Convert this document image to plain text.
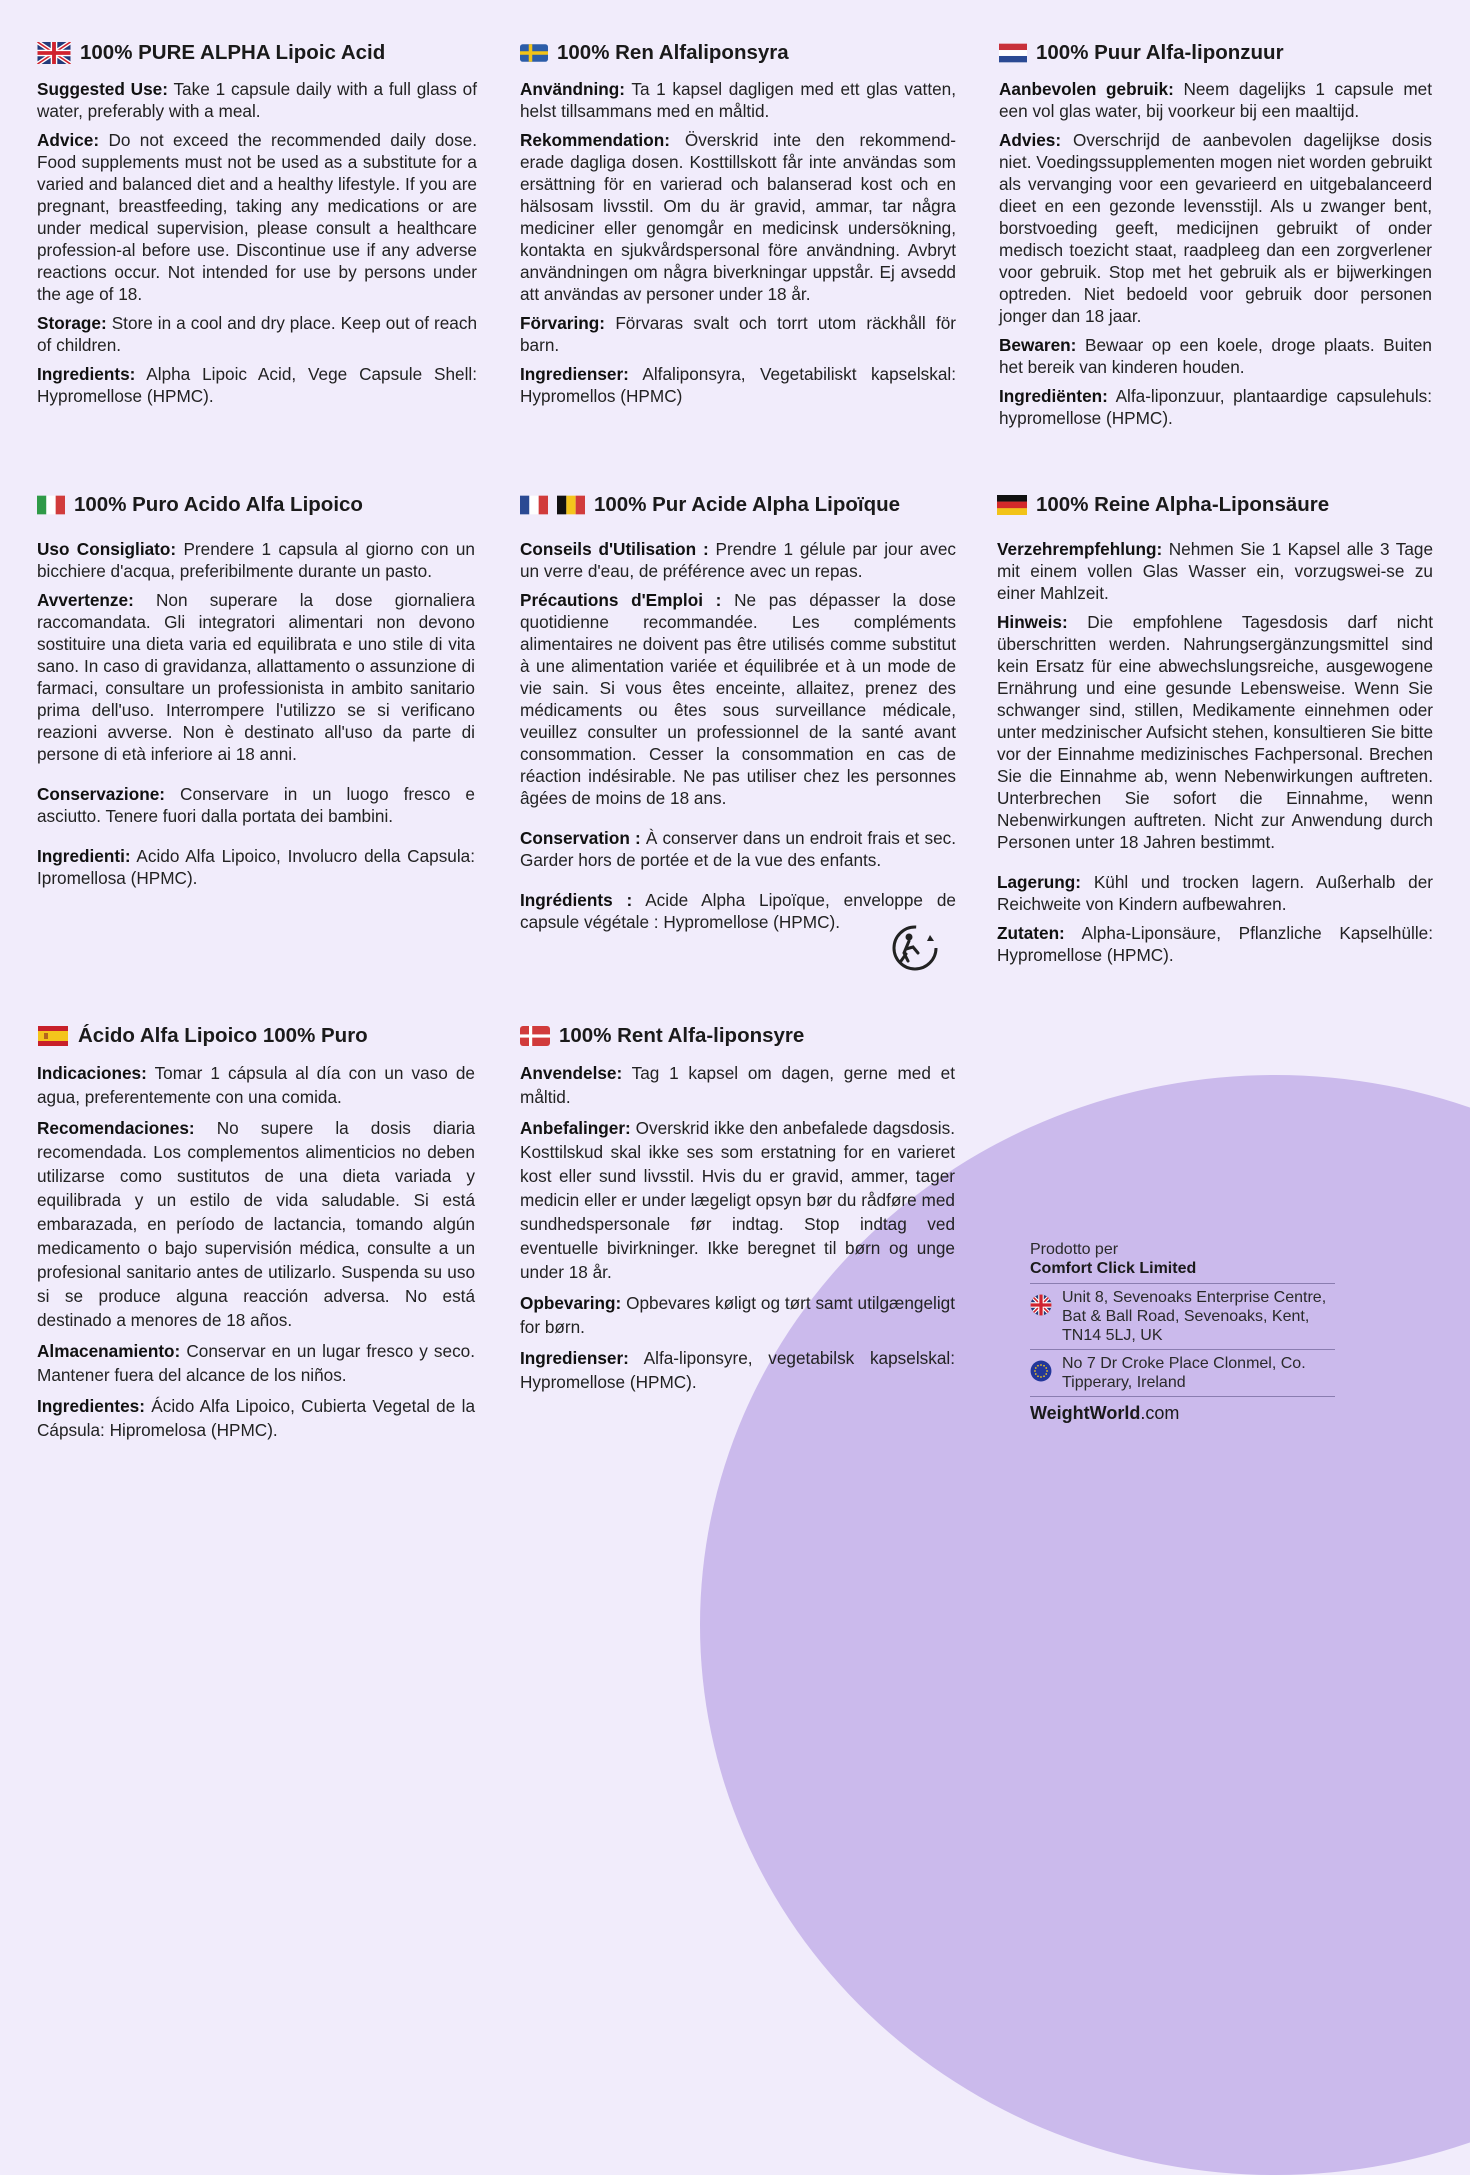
100% PURE ALPHA Lipoic Acid

Suggested Use: Take 1 capsule daily with a full glass of water, preferably with a meal.

Advice: Do not exceed the recommended daily dose. Food supplements must not be used as a substitute for a varied and balanced diet and a healthy lifestyle. If you are pregnant, breastfeeding, taking any medications or are under medical supervision, please consult a healthcare profession-al before use. Discontinue use if any adverse reactions occur. Not intended for use by persons under the age of 18.

Storage: Store in a cool and dry place. Keep out of reach of children.

Ingredients: Alpha Lipoic Acid, Vege Capsule Shell: Hypromellose (HPMC).

100% Ren Alfaliponsyra

Användning: Ta 1 kapsel dagligen med ett glas vatten, helst tillsammans med en måltid.

Rekommendation: Överskrid inte den rekommend-erade dagliga dosen. Kosttillskott får inte användas som ersättning för en varierad och balanserad kost och en hälsosam livsstil. Om du är gravid, ammar, tar några mediciner eller genomgår en medicinsk undersökning, kontakta en sjukvårdspersonal före användning. Avbryt användningen om några biverkningar uppstår. Ej avsedd att användas av personer under 18 år.

Förvaring: Förvaras svalt och torrt utom räckhåll för barn.

Ingredienser: Alfaliponsyra, Vegetabiliskt kapselskal: Hypromellos (HPMC)

100% Puur Alfa-liponzuur

Aanbevolen gebruik: Neem dagelijks 1 capsule met een vol glas water, bij voorkeur bij een maaltijd.

Advies: Overschrijd de aanbevolen dagelijkse dosis niet. Voedingssupplementen mogen niet worden gebruikt als vervanging voor een gevarieerd en uitgebalanceerd dieet en een gezonde levensstijl. Als u zwanger bent, borstvoeding geeft, medicijnen gebruikt of onder medisch toezicht staat, raadpleeg dan een zorgverlener voor gebruik. Stop met het gebruik als er bijwerkingen optreden. Niet bedoeld voor gebruik door personen jonger dan 18 jaar.

Bewaren: Bewaar op een koele, droge plaats. Buiten het bereik van kinderen houden.

Ingrediënten: Alfa-liponzuur, plantaardige capsulehuls: hypromellose (HPMC).

100% Puro Acido Alfa Lipoico

Uso Consigliato: Prendere 1 capsula al giorno con un bicchiere d'acqua, preferibilmente durante un pasto.

Avvertenze: Non superare la dose giornaliera raccomandata. Gli integratori alimentari non devono sostituire una dieta varia ed equilibrata e uno stile di vita sano. In caso di gravidanza, allattamento o assunzione di farmaci, consultare un professionista in ambito sanitario prima dell'uso. Interrompere l'utilizzo se si verificano reazioni avverse. Non è destinato all'uso da parte di persone di età inferiore ai 18 anni.

Conservazione: Conservare in un luogo fresco e asciutto. Tenere fuori dalla portata dei bambini.

Ingredienti: Acido Alfa Lipoico, Involucro della Capsula: Ipromellosa (HPMC).

100% Pur Acide Alpha Lipoïque

Conseils d'Utilisation : Prendre 1 gélule par jour avec un verre d'eau, de préférence avec un repas.

Précautions d'Emploi : Ne pas dépasser la dose quotidienne recommandée. Les compléments alimentaires ne doivent pas être utilisés comme substitut à une alimentation variée et équilibrée et à un mode de vie sain. Si vous êtes enceinte, allaitez, prenez des médicaments ou êtes sous surveillance médicale, veuillez consulter un professionnel de la santé avant consommation. Cesser la consommation en cas de réaction indésirable. Ne pas utiliser chez les personnes âgées de moins de 18 ans.

Conservation : À conserver dans un endroit frais et sec. Garder hors de portée et de la vue des enfants.

Ingrédients : Acide Alpha Lipoïque, enveloppe de capsule végétale : Hypromellose (HPMC).

100% Reine Alpha-Liponsäure

Verzehrempfehlung: Nehmen Sie 1 Kapsel alle 3 Tage mit einem vollen Glas Wasser ein, vorzugswei-se zu einer Mahlzeit.

Hinweis: Die empfohlene Tagesdosis darf nicht überschritten werden. Nahrungsergänzungsmittel sind kein Ersatz für eine abwechslungsreiche, ausgewogene Ernährung und eine gesunde Lebensweise. Wenn Sie schwanger sind, stillen, Medikamente einnehmen oder unter medzinischer Aufsicht stehen, konsultieren Sie bitte vor der Einnahme medizinisches Fachpersonal. Brechen Sie die Einnahme ab, wenn Nebenwirkungen auftreten. Unterbrechen Sie sofort die Einnahme, wenn Nebenwirkungen auftreten. Nicht zur Anwendung durch Personen unter 18 Jahren bestimmt.

Lagerung: Kühl und trocken lagern. Außerhalb der Reichweite von Kindern aufbewahren.

Zutaten: Alpha-Liponsäure, Pflanzliche Kapselhülle: Hypromellose (HPMC).

Ácido Alfa Lipoico 100% Puro

Indicaciones: Tomar 1 cápsula al día con un vaso de agua, preferentemente con una comida.

Recomendaciones: No supere la dosis diaria recomendada. Los complementos alimenticios no deben utilizarse como sustitutos de una dieta variada y equilibrada y un estilo de vida saludable. Si está embarazada, en período de lactancia, tomando algún medicamento o bajo supervisión médica, consulte a un profesional sanitario antes de utilizarlo. Suspenda su uso si se produce alguna reacción adversa. No está destinado a menores de 18 años.

Almacenamiento: Conservar en un lugar fresco y seco. Mantener fuera del alcance de los niños.

Ingredientes: Ácido Alfa Lipoico, Cubierta Vegetal de la Cápsula: Hipromelosa (HPMC).

100% Rent Alfa-liponsyre

Anvendelse: Tag 1 kapsel om dagen, gerne med et måltid.

Anbefalinger: Overskrid ikke den anbefalede dagsdosis. Kosttilskud skal ikke ses som erstatning for en varieret kost eller sund livsstil. Hvis du er gravid, ammer, tager medicin eller er under lægeligt opsyn bør du rådføre med sundhedspersonale før indtag. Stop indtag ved eventuelle bivirkninger. Ikke beregnet til børn og unge under 18 år.

Opbevaring: Opbevares køligt og tørt samt utilgængeligt for børn.

Ingredienser: Alfa-liponsyre, vegetabilsk kapselskal: Hypromellose (HPMC).

Prodotto per
Comfort Click Limited
Unit 8, Sevenoaks Enterprise Centre, Bat & Ball Road, Sevenoaks, Kent, TN14 5LJ, UK
No 7 Dr Croke Place Clonmel, Co. Tipperary, Ireland
WeightWorld.com
